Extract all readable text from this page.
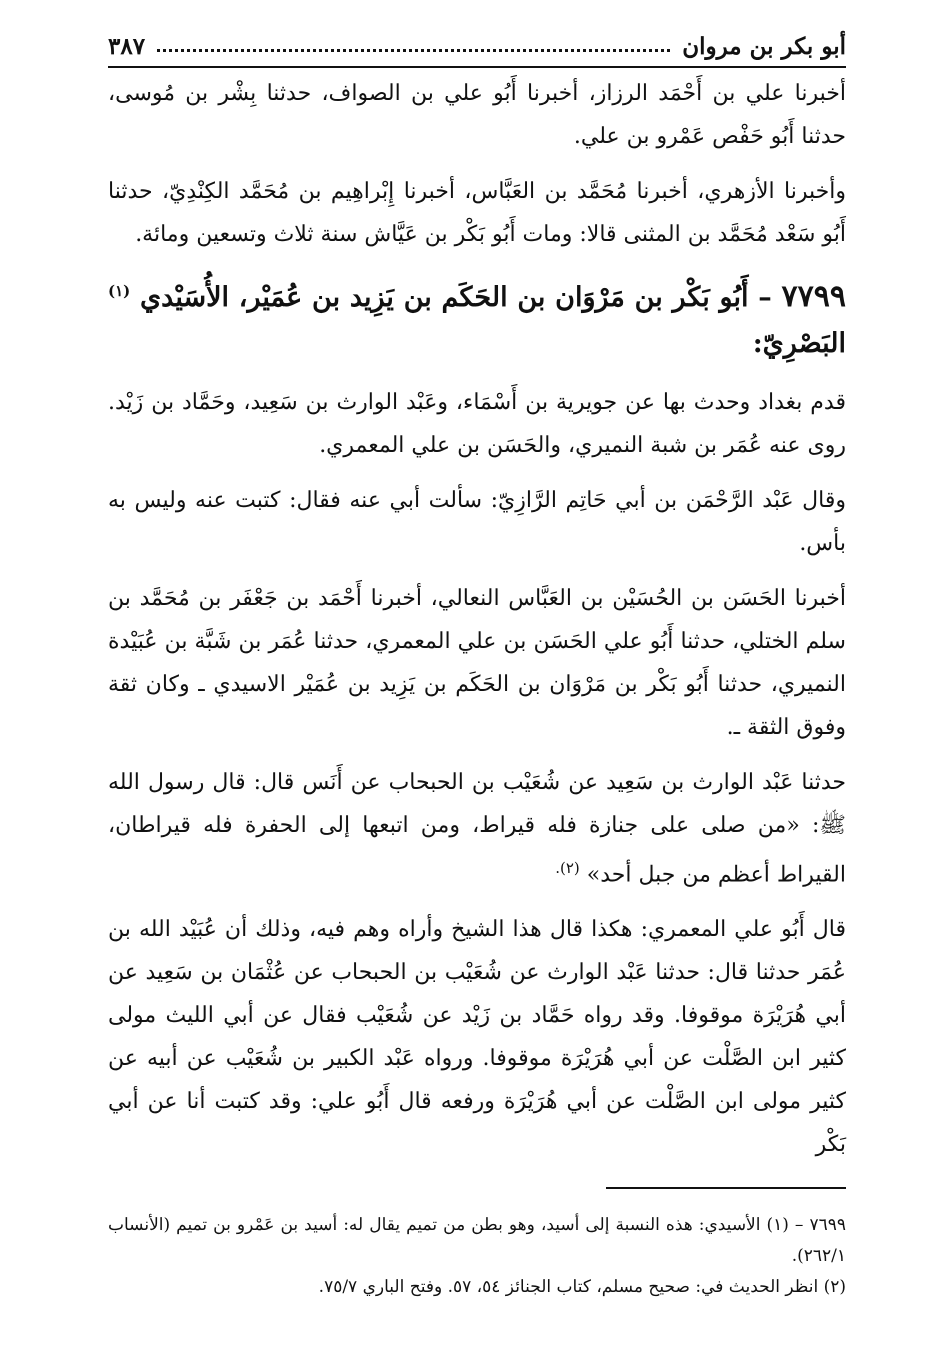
أبو بكر بن مروان
٣٨٧

أخبرنا علي بن أَحْمَد الرزاز، أخبرنا أَبُو علي بن الصواف، حدثنا بِشْر بن مُوسى، حدثنا أَبُو حَفْص عَمْرو بن علي.

وأخبرنا الأزهري، أخبرنا مُحَمَّد بن العَبَّاس، أخبرنا إِبْراهِيم بن مُحَمَّد الكِنْدِيّ، حدثنا أَبُو سَعْد مُحَمَّد بن المثنى قالا: ومات أَبُو بَكْر بن عَيَّاش سنة ثلاث وتسعين ومائة.

٧٧٩٩ – أَبُو بَكْر بن مَرْوَان بن الحَكَم بن يَزِيد بن عُمَيْر، الأُسَيْدي $^{(١)}$ البَصْرِيّ:

قدم بغداد وحدث بها عن جويرية بن أَسْمَاء، وعَبْد الوارث بن سَعِيد، وحَمَّاد بن زَيْد. روى عنه عُمَر بن شبة النميري، والحَسَن بن علي المعمري.

وقال عَبْد الرَّحْمَن بن أبي حَاتِم الرَّازِيّ: سألت أبي عنه فقال: كتبت عنه وليس به بأس.

أخبرنا الحَسَن بن الحُسَيْن بن العَبَّاس النعالي، أخبرنا أَحْمَد بن جَعْفَر بن مُحَمَّد بن سلم الختلي، حدثنا أَبُو علي الحَسَن بن علي المعمري، حدثنا عُمَر بن شَبَّة بن عُبَيْدة النميري، حدثنا أَبُو بَكْر بن مَرْوَان بن الحَكَم بن يَزِيد بن عُمَيْر الاسيدي ـ وكان ثقة وفوق الثقة ـ.

حدثنا عَبْد الوارث بن سَعِيد عن شُعَيْب بن الحبحاب عن أَنَس قال: قال رسول الله ﷺ: «من صلى على جنازة فله قيراط، ومن اتبعها إلى الحفرة فله قيراطان، القيراط أعظم من جبل أحد» $^{(٢).}$

قال أَبُو علي المعمري: هكذا قال هذا الشيخ وأراه وهم فيه، وذلك أن عُبَيْد الله بن عُمَر حدثنا قال: حدثنا عَبْد الوارث عن شُعَيْب بن الحبحاب عن عُثْمَان بن سَعِيد عن أبي هُرَيْرَة موقوفا. وقد رواه حَمَّاد بن زَيْد عن شُعَيْب فقال عن أبي الليث مولى كثير ابن الصَّلْت عن أبي هُرَيْرَة موقوفا. ورواه عَبْد الكبير بن شُعَيْب عن أبيه عن كثير مولى ابن الصَّلْت عن أبي هُرَيْرَة ورفعه قال أَبُو علي: وقد كتبت أنا عن أبي بَكْر

٧٦٩٩ – (١) الأسيدي: هذه النسبة إلى أسيد، وهو بطن من تميم يقال له: أسيد بن عَمْرو بن تميم (الأنساب ٢٦٢/١).

(٢) انظر الحديث في: صحيح مسلم، كتاب الجنائز ٥٤، ٥٧. وفتح الباري ٧٥/٧.
